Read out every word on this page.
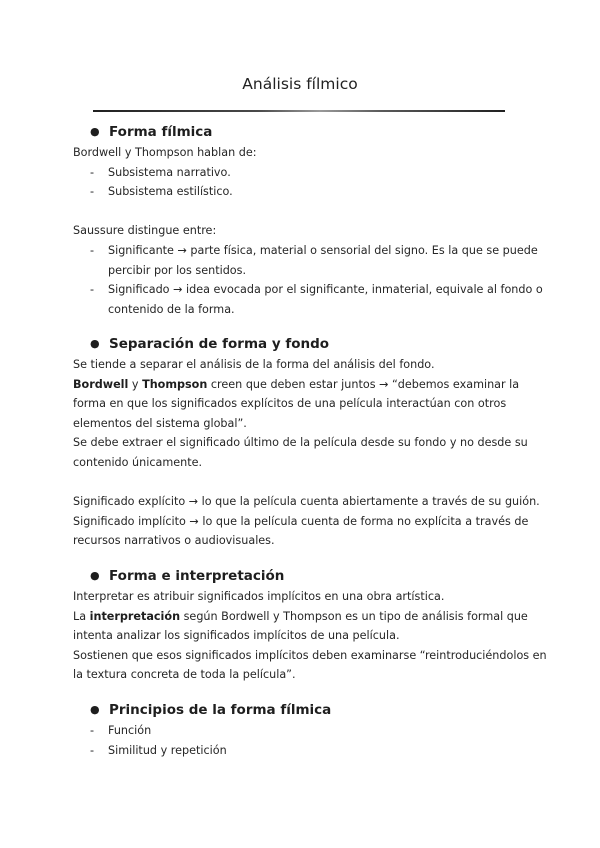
Análisis fílmico
● Forma fílmica
Bordwell y Thompson hablan de:
- Subsistema narrativo.
- Subsistema estilístico.
Saussure distingue entre:
- Significante → parte física, material o sensorial del signo. Es la que se puede
percibir por los sentidos.
- Significado → idea evocada por el significante, inmaterial, equivale al fondo o
contenido de la forma.
● Separación de forma y fondo
Se tiende a separar el análisis de la forma del análisis del fondo.
Bordwell y Thompson creen que deben estar juntos → “debemos examinar la
forma en que los significados explícitos de una película interactúan con otros
elementos del sistema global”.
Se debe extraer el significado último de la película desde su fondo y no desde su
contenido únicamente.
Significado explícito → lo que la película cuenta abiertamente a través de su guión.
Significado implícito → lo que la película cuenta de forma no explícita a través de
recursos narrativos o audiovisuales.
● Forma e interpretación
Interpretar es atribuir significados implícitos en una obra artística.
La interpretación según Bordwell y Thompson es un tipo de análisis formal que
intenta analizar los significados implícitos de una película.
Sostienen que esos significados implícitos deben examinarse “reintroduciéndolos en
la textura concreta de toda la película”.
● Principios de la forma fílmica
- Función
- Similitud y repetición
